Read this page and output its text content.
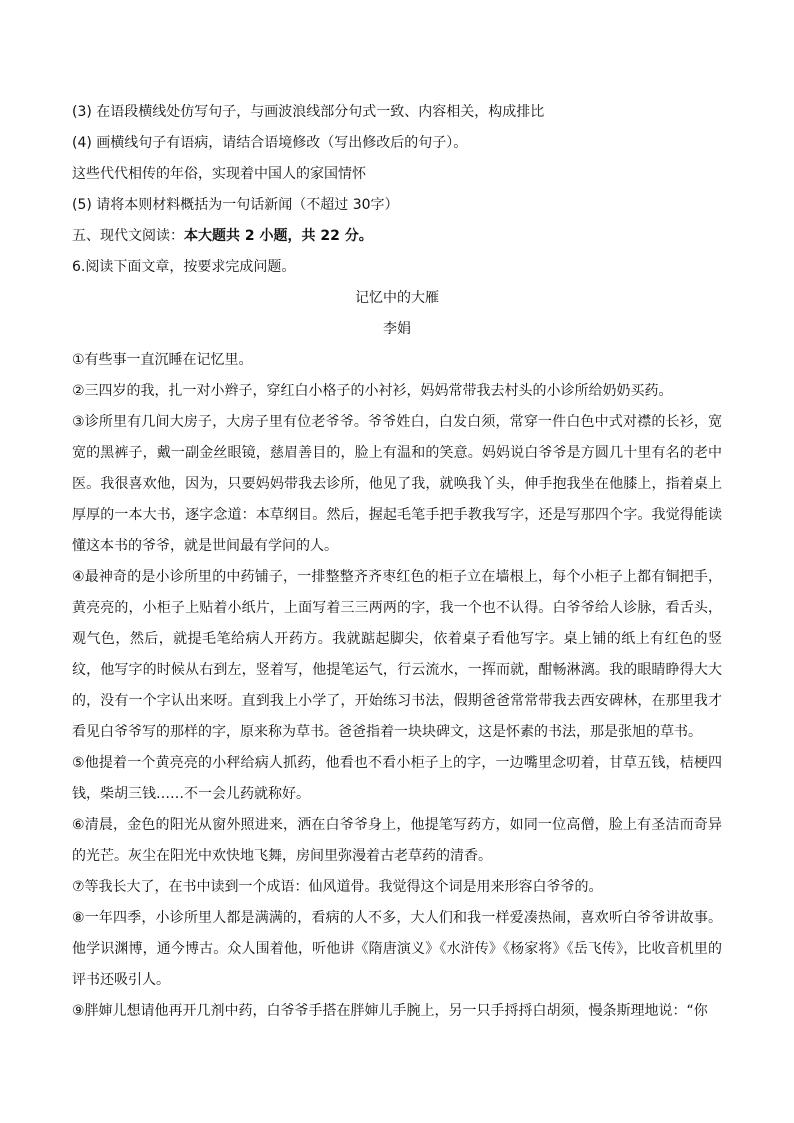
(3) 在语段横线处仿写句子，与画波浪线部分句式一致、内容相关，构成排比

(4) 画横线句子有语病，请结合语境修改（写出修改后的句子）。

这些代代相传的年俗，实现着中国人的家国情怀

(5) 请将本则材料概括为一句话新闻（不超过 30字）

五、现代文阅读：本大题共 2 小题，共 22 分。

6.阅读下面文章，按要求完成问题。

记忆中的大雁

李娟

①有些事一直沉睡在记忆里。

②三四岁的我，扎一对小辫子，穿红白小格子的小衬衫，妈妈常带我去村头的小诊所给奶奶买药。

③诊所里有几间大房子，大房子里有位老爷爷。爷爷姓白，白发白须，常穿一件白色中式对襟的长衫，宽宽的黑裤子，戴一副金丝眼镜，慈眉善目的，脸上有温和的笑意。妈妈说白爷爷是方圆几十里有名的老中医。我很喜欢他，因为，只要妈妈带我去诊所，他见了我，就唤我丫头，伸手抱我坐在他膝上，指着桌上厚厚的一本大书，逐字念道：本草纲目。然后，握起毛笔手把手教我写字，还是写那四个字。我觉得能读懂这本书的爷爷，就是世间最有学问的人。

④最神奇的是小诊所里的中药铺子，一排整整齐齐枣红色的柜子立在墙根上，每个小柜子上都有铜把手，黄亮亮的，小柜子上贴着小纸片，上面写着三三两两的字，我一个也不认得。白爷爷给人诊脉，看舌头，观气色，然后，就提毛笔给病人开药方。我就踮起脚尖，依着桌子看他写字。桌上铺的纸上有红色的竖纹，他写字的时候从右到左，竖着写，他提笔运气，行云流水，一挥而就，酣畅淋漓。我的眼睛睁得大大的，没有一个字认出来呀。直到我上小学了，开始练习书法，假期爸爸常常带我去西安碑林，在那里我才看见白爷爷写的那样的字，原来称为草书。爸爸指着一块块碑文，这是怀素的书法，那是张旭的草书。

⑤他提着一个黄亮亮的小秤给病人抓药，他看也不看小柜子上的字，一边嘴里念叨着，甘草五钱，桔梗四钱，柴胡三钱……不一会儿药就称好。

⑥清晨，金色的阳光从窗外照进来，洒在白爷爷身上，他提笔写药方，如同一位高僧，脸上有圣洁而奇异的光芒。灰尘在阳光中欢快地飞舞，房间里弥漫着古老草药的清香。

⑦等我长大了，在书中读到一个成语：仙风道骨。我觉得这个词是用来形容白爷爷的。

⑧一年四季，小诊所里人都是满满的，看病的人不多，大人们和我一样爱凑热闹，喜欢听白爷爷讲故事。他学识渊博，通今博古。众人围着他，听他讲《隋唐演义》《水浒传》《杨家将》《岳飞传》，比收音机里的评书还吸引人。

⑨胖婶儿想请他再开几剂中药，白爷爷手搭在胖婶儿手腕上，另一只手捋捋白胡须，慢条斯理地说：“你
